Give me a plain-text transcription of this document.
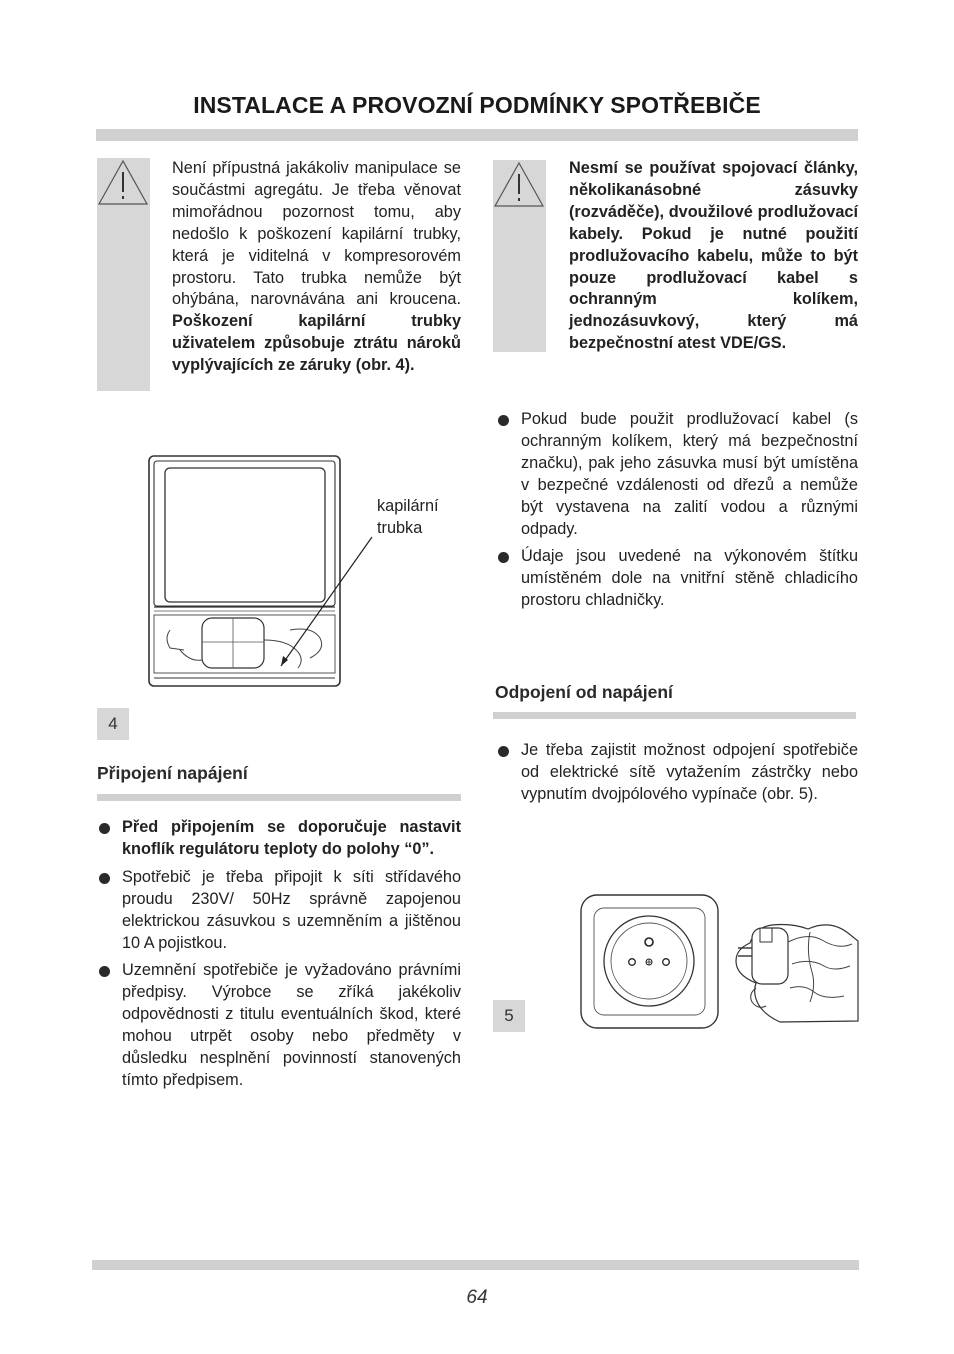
INSTALACE A PROVOZNÍ PODMÍNKY SPOTŘEBIČE
Není přípustná jakákoliv manipulace se součástmi agregátu. Je třeba věnovat mimořádnou pozornost tomu, aby nedošlo k poškození kapilární trubky, která je viditelná v kompresorovém prostoru. Tato trubka nemůže být ohýbána, narovnávána ani kroucena. Poškození kapilární trubky uživatelem způsobuje ztrátu nároků vyplývajících ze záruky (obr. 4).
Nesmí se používat spojovací články, několikanásobné zásuvky (rozváděče), dvoužilové prodlužovací kabely. Pokud je nutné použití prodlužovacího kabelu, může to být pouze prodlužovací kabel s ochranným kolíkem, jednozásuvkový, který má bezpečnostní atest VDE/GS.
Pokud bude použit prodlužovací kabel (s ochranným kolíkem, který má bezpečnostní značku), pak jeho zásuvka musí být umístěna v bezpečné vzdálenosti od dřezů a nemůže být vystavena na zalití vodou a různými odpady.
Údaje jsou uvedené na výkonovém štítku umístěném dole na vnitřní stěně chladicího prostoru chladničky.
kapilární trubka
4
Připojení napájení
Před připojením se doporučuje nastavit knoflík regulátoru teploty do polohy “0”.
Spotřebič je třeba připojit k síti střídavého proudu 230V/ 50Hz správně zapojenou elektrickou zásuvkou s uzemněním a jištěnou 10 A pojistkou.
Uzemnění spotřebiče je vyžadováno právními předpisy. Výrobce se zříká jakékoliv odpovědnosti z titulu eventuálních škod, které mohou utrpět osoby nebo předměty v důsledku nesplnění povinností stanovených tímto předpisem.
Odpojení od napájení
Je třeba zajistit možnost odpojení spotřebiče od elektrické sítě vytažením zástrčky nebo vypnutím dvojpólového vypínače (obr. 5).
5
64
